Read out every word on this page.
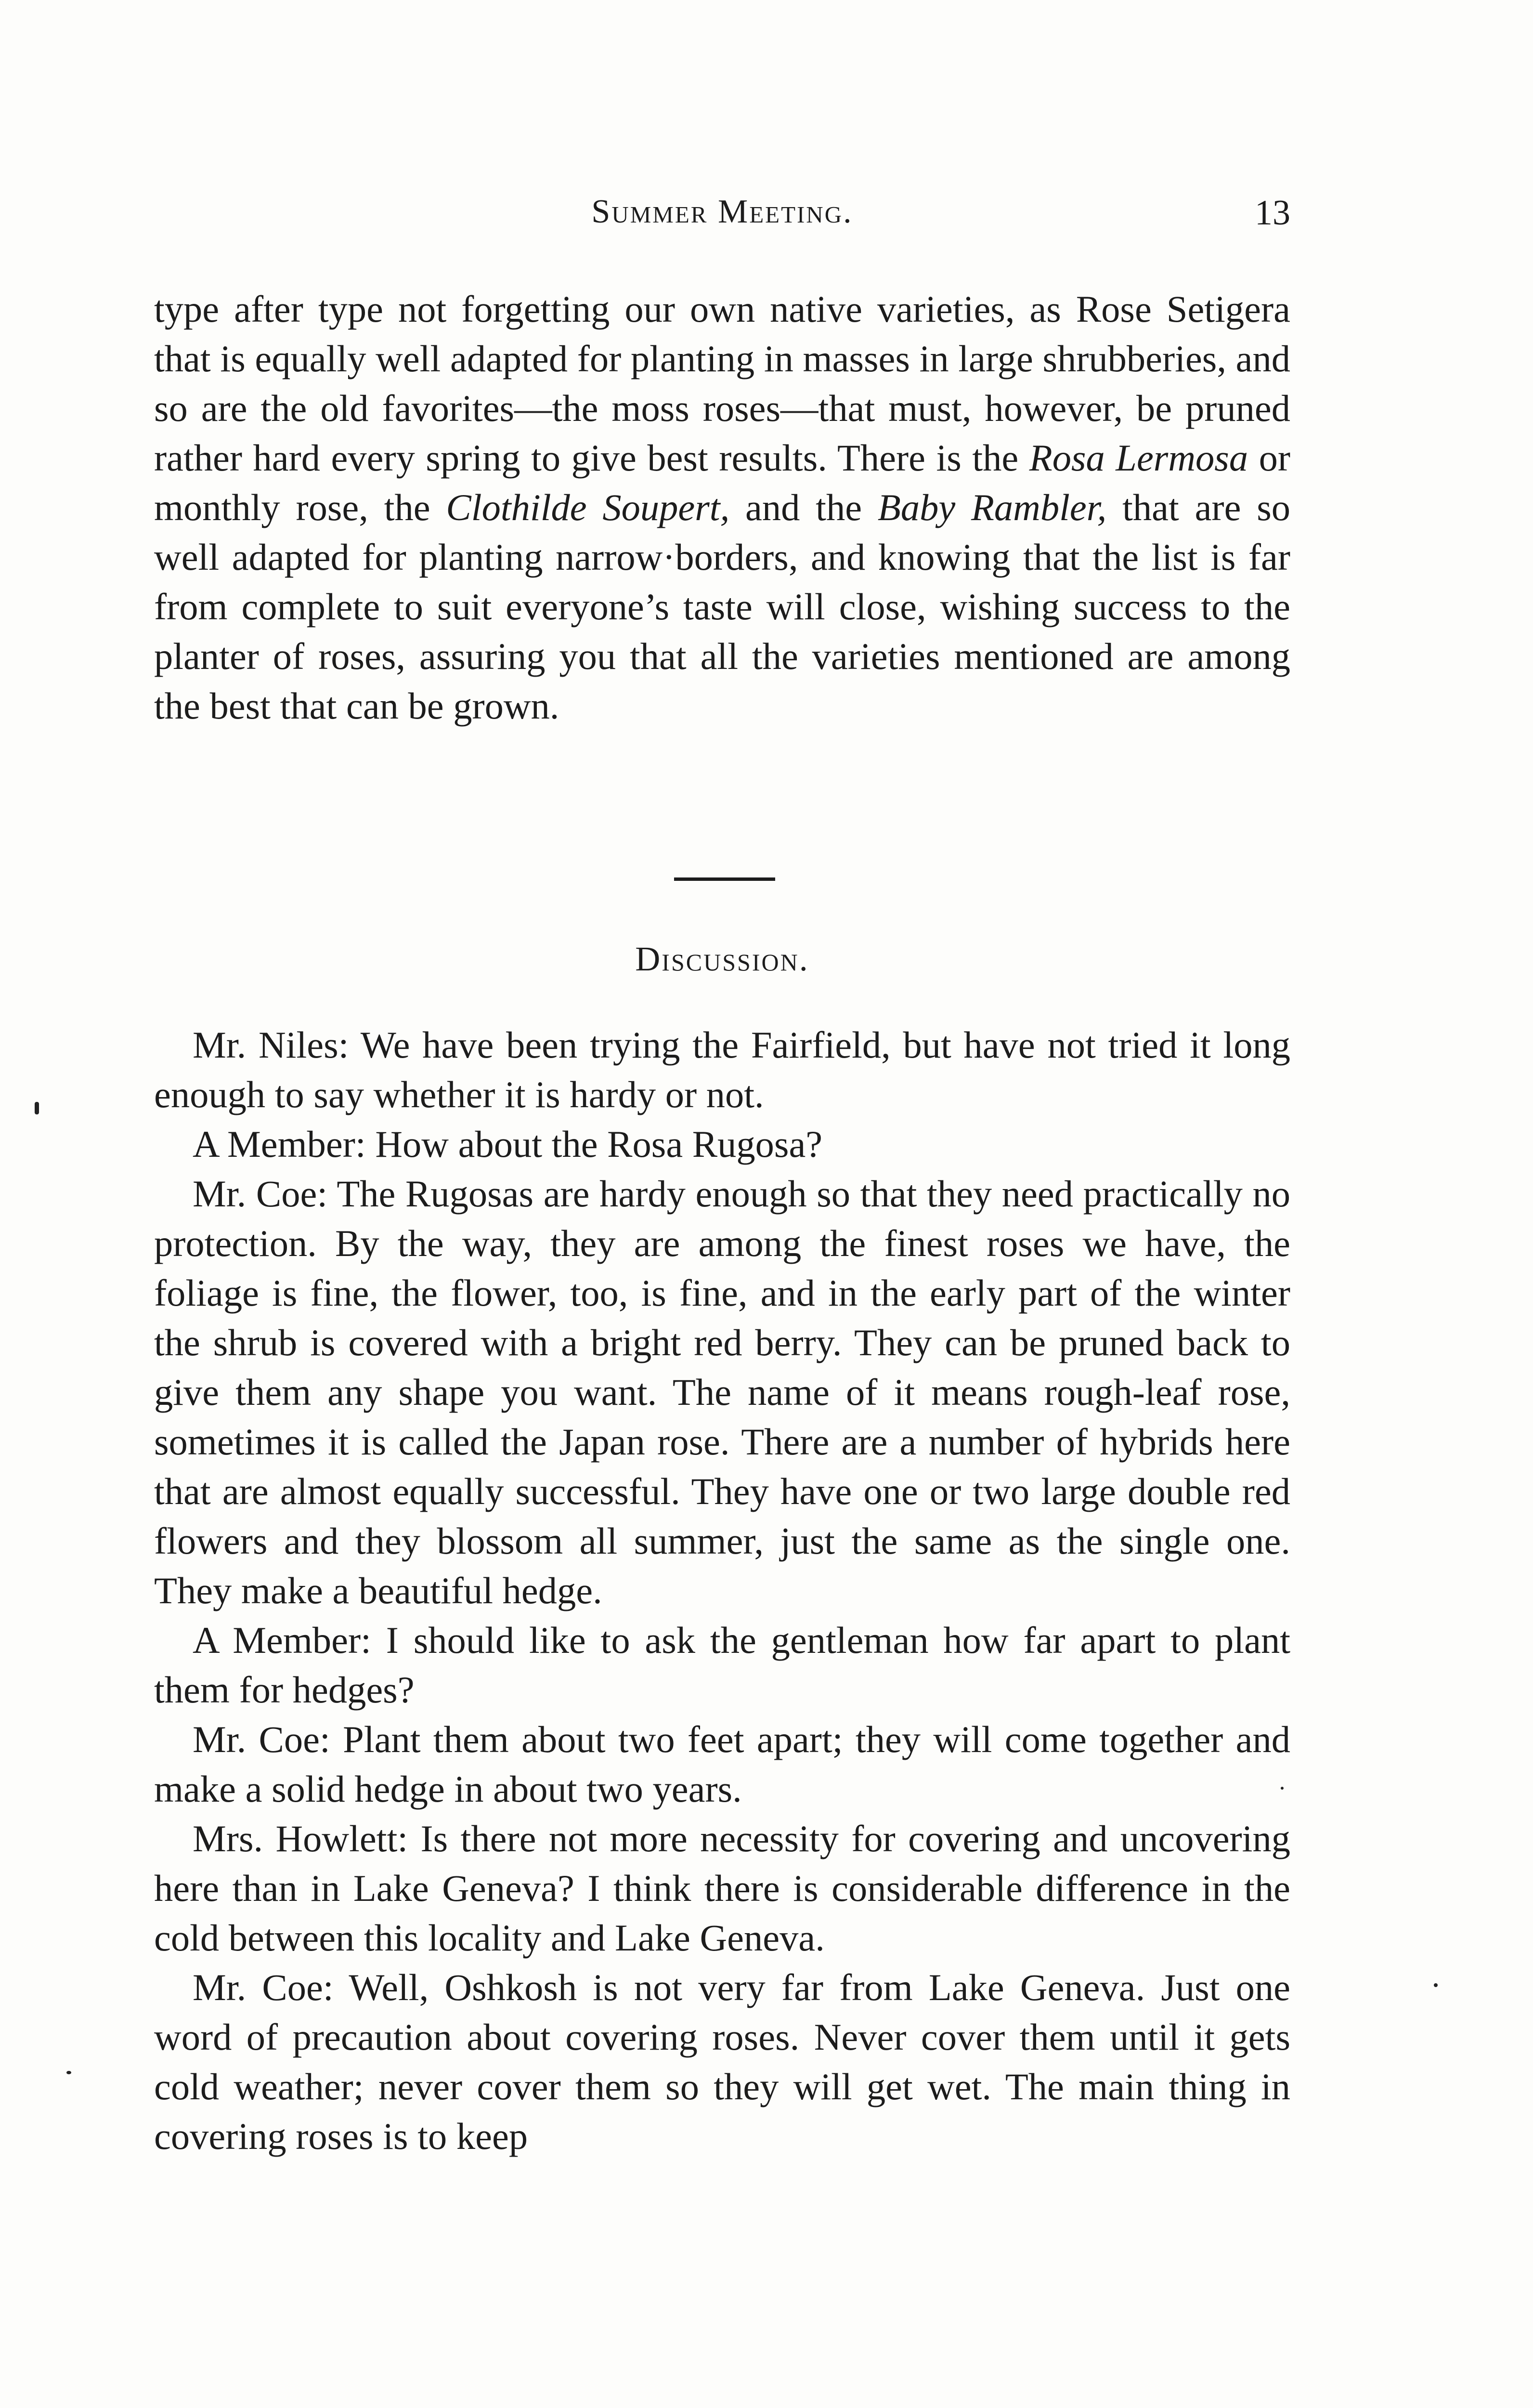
Summer Meeting.	13

type after type not forgetting our own native varieties, as Rose Setigera that is equally well adapted for planting in masses in large shrubberies, and so are the old favorites—the moss roses—that must, however, be pruned rather hard every spring to give best results. There is the Rosa Lermosa or monthly rose, the Clothilde Soupert, and the Baby Rambler, that are so well adapted for planting narrow·borders, and knowing that the list is far from complete to suit everyone’s taste will close, wishing success to the planter of roses, assuring you that all the varieties mentioned are among the best that can be grown.

Discussion.

Mr. Niles: We have been trying the Fairfield, but have not tried it long enough to say whether it is hardy or not.

A Member: How about the Rosa Rugosa?

Mr. Coe: The Rugosas are hardy enough so that they need practically no protection. By the way, they are among the finest roses we have, the foliage is fine, the flower, too, is fine, and in the early part of the winter the shrub is covered with a bright red berry. They can be pruned back to give them any shape you want. The name of it means rough-leaf rose, sometimes it is called the Japan rose. There are a number of hybrids here that are almost equally successful. They have one or two large double red flowers and they blossom all summer, just the same as the single one. They make a beautiful hedge.

A Member: I should like to ask the gentleman how far apart to plant them for hedges?

Mr. Coe: Plant them about two feet apart; they will come together and make a solid hedge in about two years.

Mrs. Howlett: Is there not more necessity for covering and uncovering here than in Lake Geneva? I think there is considerable difference in the cold between this locality and Lake Geneva.

Mr. Coe: Well, Oshkosh is not very far from Lake Geneva. Just one word of precaution about covering roses. Never cover them until it gets cold weather; never cover them so they will get wet. The main thing in covering roses is to keep
